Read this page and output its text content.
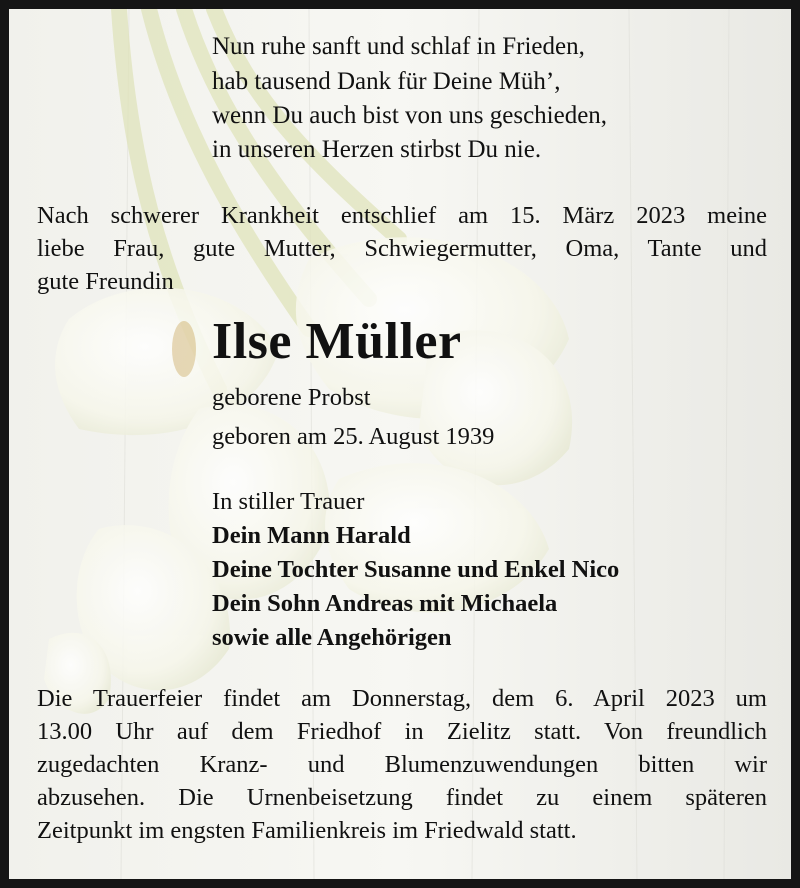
Nun ruhe sanft und schlaf in Frieden,
hab tausend Dank für Deine Müh’,
wenn Du auch bist von uns geschieden,
in unseren Herzen stirbst Du nie.
Nach schwerer Krankheit entschlief am 15. März 2023 meine
liebe Frau, gute Mutter, Schwiegermutter, Oma, Tante und
gute Freundin
Ilse Müller
geborene Probst
geboren am 25. August 1939
In stiller Trauer
Dein Mann Harald
Deine Tochter Susanne und Enkel Nico
Dein Sohn Andreas mit Michaela
sowie alle Angehörigen
Die Trauerfeier findet am Donnerstag, dem 6. April 2023 um
13.00 Uhr auf dem Friedhof in Zielitz statt. Von freundlich
zugedachten Kranz- und Blumenzuwendungen bitten wir
abzusehen. Die Urnenbeisetzung findet zu einem späteren
Zeitpunkt im engsten Familienkreis im Friedwald statt.
